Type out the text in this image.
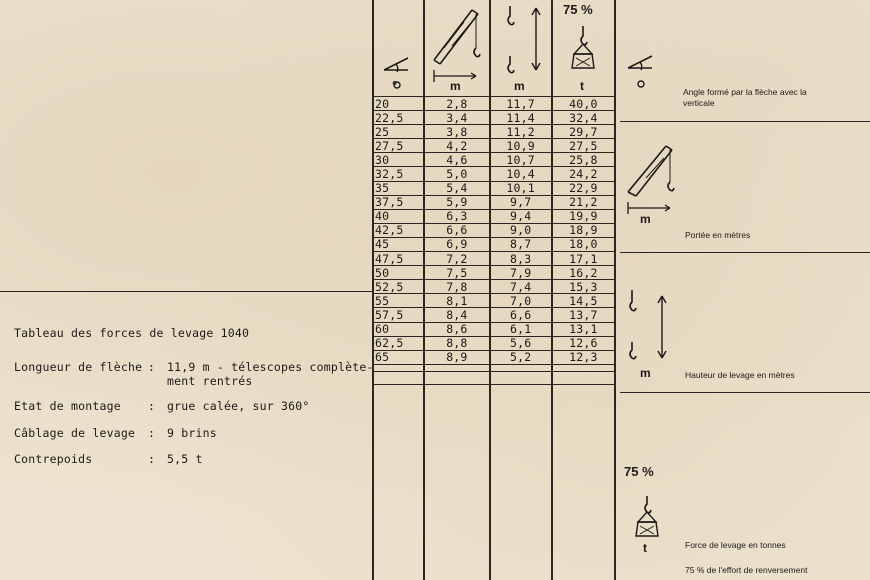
°	m	m
75 %
t
20	2,8	11,7	40,0
22,5	3,4	11,4	32,4
25	3,8	11,2	29,7
27,5	4,2	10,9	27,5
30	4,6	10,7	25,8
32,5	5,0	10,4	24,2
35	5,4	10,1	22,9
37,5	5,9	9,7	21,2
40	6,3	9,4	19,9
42,5	6,6	9,0	18,9
45	6,9	8,7	18,0
47,5	7,2	8,3	17,1
50	7,5	7,9	16,2
52,5	7,8	7,4	15,3
55	8,1	7,0	14,5
57,5	8,4	6,6	13,7
60	8,6	6,1	13,1
62,5	8,8	5,6	12,6
65	8,9	5,2	12,3
Tableau des forces de levage 1040
Longueur de flèche : 11,9 m - télescopes complète-
ment rentrés
Etat de montage : grue calée, sur 360°
Câblage de levage : 9 brins
Contrepoids	: 5,5 t
Angle formé par la flèche avec la
verticale
m
Portée en mètres
m	Hauteur de levage en mètres
75 %
t	Force de levage en tonnes
75 % de l'effort de renversement
